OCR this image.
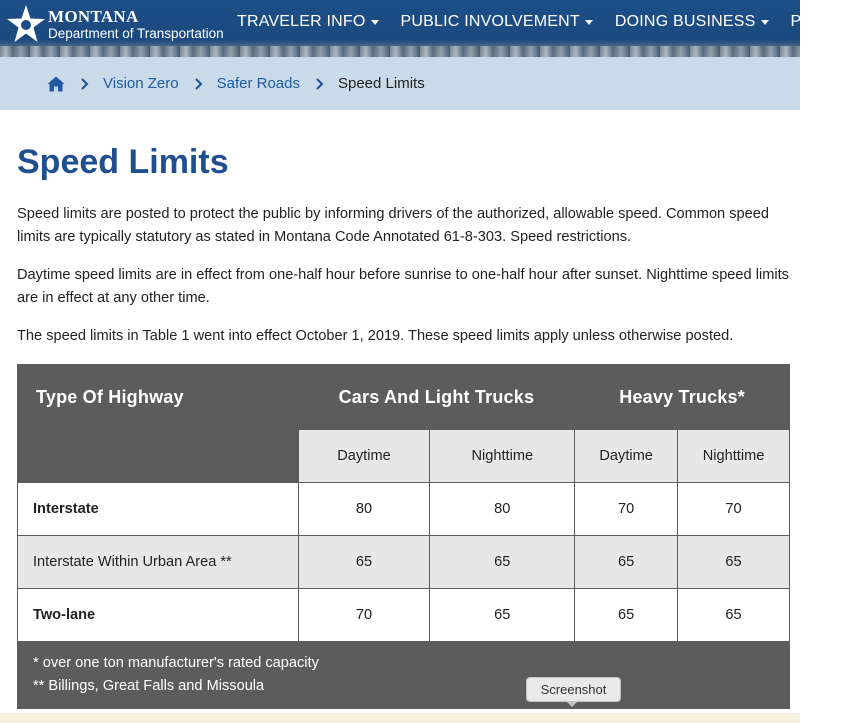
MONTANA
Department of Transportation
TRAVELER INFO PUBLIC INVOLVEMENT DOING BUSINESS PUBL
Vision Zero	Safer Roads	Speed Limits
Speed Limits

Speed limits are posted to protect the public by informing drivers of the authorized, allowable speed. Common speed limits are typically statutory as stated in Montana Code Annotated 61-8-303. Speed restrictions.

Daytime speed limits are in effect from one-half hour before sunrise to one-half hour after sunset. Nighttime speed limits are in effect at any other time.

The speed limits in Table 1 went into effect October 1, 2019. These speed limits apply unless otherwise posted.

Type Of Highway	Cars And Light Trucks		Heavy Trucks*	
	Daytime	Nighttime	Daytime	Nighttime
Interstate	80	80	70	70
Interstate Within Urban Area **	65	65	65	65
Two-lane	70	65	65	65

* over one ton manufacturer's rated capacity
** Billings, Great Falls and Missoula					Screenshot
